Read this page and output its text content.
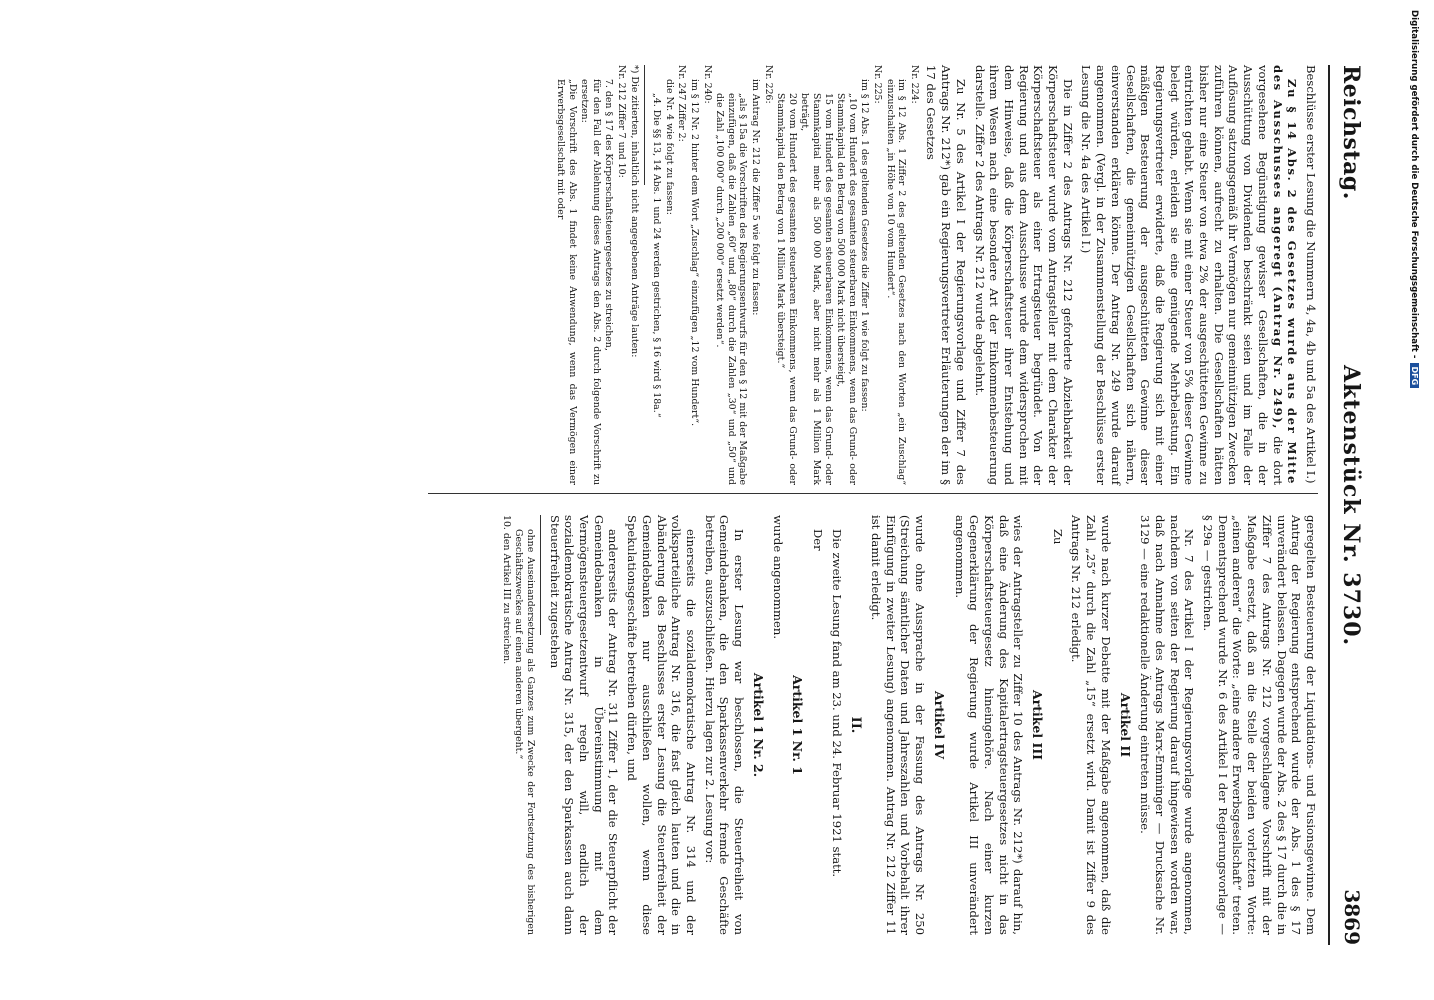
Reichstag.
Aktenstück Nr. 3730.
3869

Beschlüsse erster Lesung die Nummern 4, 4a, 4b und 5a des Artikel I.)

Zu § 14 Abs. 2 des Gesetzes wurde aus der Mitte des Ausschusses angeregt (Antrag Nr. 249), die dort vorgesehene Begünstigung gewisser Gesellschaften, die in der Ausschüttung von Dividenden beschränkt seien und im Falle der Auflösung satzungsgemäß ihr Vermögen nur gemeinnützigen Zwecken zuführen können, aufrecht zu erhalten. Die Gesellschaften hätten bisher nur eine Steuer von etwa 2% der ausgeschütteten Gewinne zu entrichten gehabt. Wenn sie mit einer Steuer von 5% dieser Gewinne belegt würden, erleiden sie eine genügende Mehrbelastung. Ein Regierungsvertreter erwiderte, daß die Regierung sich mit einer mäßigen Besteuerung der ausgeschütteten Gewinne dieser Gesellschaften, die gemeinnützigen Gesellschaften sich nähern, einverstanden erklären könne. Der Antrag Nr. 249 wurde darauf angenommen. (Vergl. in der Zusammenstellung der Beschlüsse erster Lesung die Nr. 4a des Artikel I.)

Die in Ziffer 2 des Antrags Nr. 212 geforderte Abziehbarkeit der Körperschaftsteuer wurde vom Antragsteller mit dem Charakter der Körperschaftsteuer als einer Ertragsteuer begründet. Von der Regierung und aus dem Ausschusse wurde dem widersprochen mit dem Hinweise, daß die Körperschaftsteuer ihrer Entstehung und ihrem Wesen nach eine besondere Art der Einkommenbesteuerung darstelle. Ziffer 2 des Antrags Nr. 212 wurde abgelehnt.

Zu Nr. 5 des Artikel I der Regierungsvorlage und Ziffer 7 des Antrags Nr. 212*) gab ein Regierungsvertreter Erläuterungen der im § 17 des Gesetzes

Nr. 224:

im § 12 Abs. 1 Ziffer 2 des geltenden Gesetzes nach den Worten „ein Zuschlag“ einzuschalten „in Höhe von 10 vom Hundert“.

Nr. 225:

im § 12 Abs. 1 des geltenden Gesetzes die Ziffer 1 wie folgt zu fassen:

„10 vom Hundert des gesamten steuerbaren Einkommens, wenn das Grund- oder Stammkapital den Betrag von 500 000 Mark nicht übersteigt,

15 vom Hundert des gesamten steuerbaren Einkommens, wenn das Grund- oder Stammkapital mehr als 500 000 Mark, aber nicht mehr als 1 Million Mark beträgt,

20 vom Hundert des gesamten steuerbaren Einkommens, wenn das Grund- oder Stammkapital den Betrag von 1 Million Mark übersteigt.“

Nr. 226:

im Antrag Nr. 212 die Ziffer 5 wie folgt zu fassen:

„als § 15a die Vorschriften des Regierungsentwurfs für den § 12 mit der Maßgabe einzufügen, daß die Zahlen „60“ und „80“ durch die Zahlen „30“ und „50“ und die Zahl „100 000“ durch „200 000“ ersetzt werden“.

Nr. 240:

im § 12 Nr. 2 hinter dem Wort „Zuschlag“ einzufügen „12 vom Hundert“.

Nr. 247 Ziffer 2:

die Nr. 4 wie folgt zu fassen:

„4. Die §§ 13, 14 Abs. 1 und 24 werden gestrichen, § 16 wird § 18a.“

*) Die zitierten, inhaltlich nicht angegebenen Anträge lauten:

Nr. 212 Ziffer 7 und 10:

7. den § 17 des Körperschaftsteuergesetzes zu streichen,

für den Fall der Ablehnung dieses Antrags den Abs. 2 durch folgende Vorschrift zu ersetzen:

„Die Vorschrift des Abs. 1 findet keine Anwendung, wenn das Vermögen einer Erwerbsgesellschaft mit oder

geregelten Besteuerung der Liquidations- und Fusionsgewinne. Dem Antrag der Regierung entsprechend wurde der Abs. 1 des § 17 unverändert belassen. Dagegen wurde der Abs. 2 des § 17 durch die in Ziffer 7 des Antrags Nr. 212 vorgeschlagene Vorschrift mit der Maßgabe ersetzt, daß an die Stelle der beiden vorletzten Worte: „einen anderen“ die Worte: „eine andere Erwerbsgesellschaft“ treten. Dementsprechend wurde Nr. 6 des Artikel I der Regierungsvorlage — § 29a — gestrichen.

Nr. 7 des Artikel I der Regierungsvorlage wurde angenommen, nachdem von seiten der Regierung darauf hingewiesen worden war, daß nach Annahme des Antrags Marx-Emminger — Drucksache Nr. 3129 — eine redaktionelle Änderung eintreten müsse.

Artikel II

wurde nach kurzer Debatte mit der Maßgabe angenommen, daß die Zahl „25“ durch die Zahl „15“ ersetzt wird. Damit ist Ziffer 9 des Antrags Nr. 212 erledigt.

Zu

Artikel III

wies der Antragsteller zu Ziffer 10 des Antrags Nr. 212*) darauf hin, daß eine Änderung des Kapitalertragsteuergesetzes nicht in das Körperschaftsteuergesetz hineingehöre. Nach einer kurzen Gegenerklärung der Regierung wurde Artikel III unverändert angenommen.

Artikel IV

wurde ohne Aussprache in der Fassung des Antrags Nr. 250 (Streichung sämtlicher Daten und Jahreszahlen und Vorbehalt ihrer Einfügung in zweiter Lesung) angenommen. Antrag Nr. 212 Ziffer 11 ist damit erledigt.

II.

Die zweite Lesung fand am 23. und 24. Februar 1921 statt.

Der

Artikel 1 Nr. 1

wurde angenommen.

Artikel 1 Nr. 2.

In erster Lesung war beschlossen, die Steuerfreiheit von Gemeindebanken, die den Sparkassenverkehr fremde Geschäfte betreiben, auszuschließen. Hierzu lagen zur 2. Lesung vor:

einerseits die sozialdemokratische Antrag Nr. 314 und der volksparteiliche Antrag Nr. 316, die fast gleich lauten und die in Abänderung des Beschlusses erster Lesung die Steuerfreiheit der Gemeindebanken nur ausschließen wollen, wenn diese Spekulationsgeschäfte betreiben dürfen, und

andererseits der Antrag Nr. 311 Ziffer 1, der die Steuerpflicht der Gemeindebanken in Übereinstimmung mit dem Vermögensteuergesetzentwurf regeln will, endlich der sozialdemokratische Antrag Nr. 315, der den Sparkassen auch dann Steuerfreiheit zugestehen

ohne Auseinandersetzung als Ganzes zum Zwecke der Fortsetzung des bisherigen Geschäftszweckes auf einen anderen übergeht.“

10. den Artikel III zu streichen.

Digitalisierung gefördert durch die Deutsche Forschungsgemeinschaft - DFG
